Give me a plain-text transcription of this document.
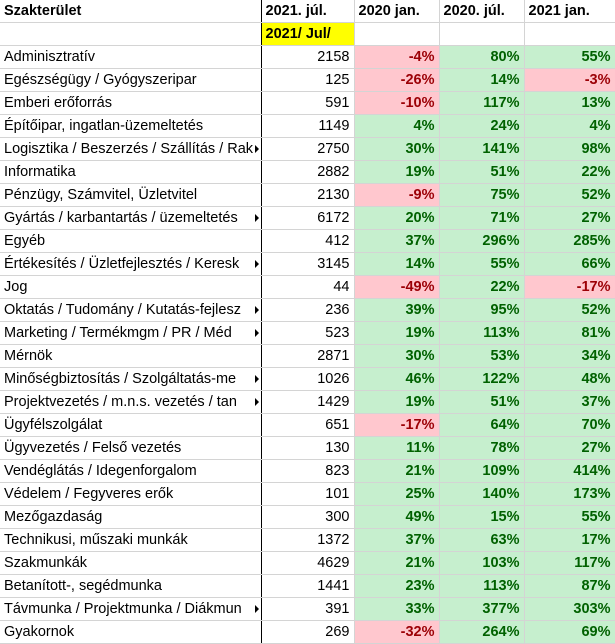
Szakterület	2021. júl.	2020 jan.	2020. júl.	2021 jan.
	2021/ Jul/			

Adminisztratív	2158	-4%	80%	55%

Egészségügy / Gyógyszeripar	125	-26%	14%	-3%

Emberi erőforrás	591	-10%	117%	13%

Építőipar, ingatlan-üzemeltetés	1149	4%	24%	4%

Logisztika / Beszerzés / Szállítás / Rak	2750	30%	141%	98%

Informatika	2882	19%	51%	22%

Pénzügy, Számvitel, Üzletvitel	2130	-9%	75%	52%

Gyártás / karbantartás / üzemeltetés	6172	20%	71%	27%

Egyéb	412	37%	296%	285%

Értékesítés / Üzletfejlesztés / Keresk	3145	14%	55%	66%

Jog	44	-49%	22%	-17%

Oktatás / Tudomány / Kutatás-fejlesz	236	39%	95%	52%

Marketing / Termékmgm / PR / Méd	523	19%	113%	81%

Mérnök	2871	30%	53%	34%

Minőségbiztosítás / Szolgáltatás-me	1026	46%	122%	48%

Projektvezetés / m.n.s. vezetés / tan	1429	19%	51%	37%

Ügyfélszolgálat	651	-17%	64%	70%

Ügyvezetés / Felső vezetés	130	11%	78%	27%

Vendéglátás / Idegenforgalom	823	21%	109%	414%

Védelem / Fegyveres erők	101	25%	140%	173%

Mezőgazdaság	300	49%	15%	55%

Technikusi, műszaki munkák	1372	37%	63%	17%

Szakmunkák	4629	21%	103%	117%

Betanított-, segédmunka	1441	23%	113%	87%

Távmunka / Projektmunka / Diákmun	391	33%	377%	303%

Gyakornok	269	-32%	264%	69%
